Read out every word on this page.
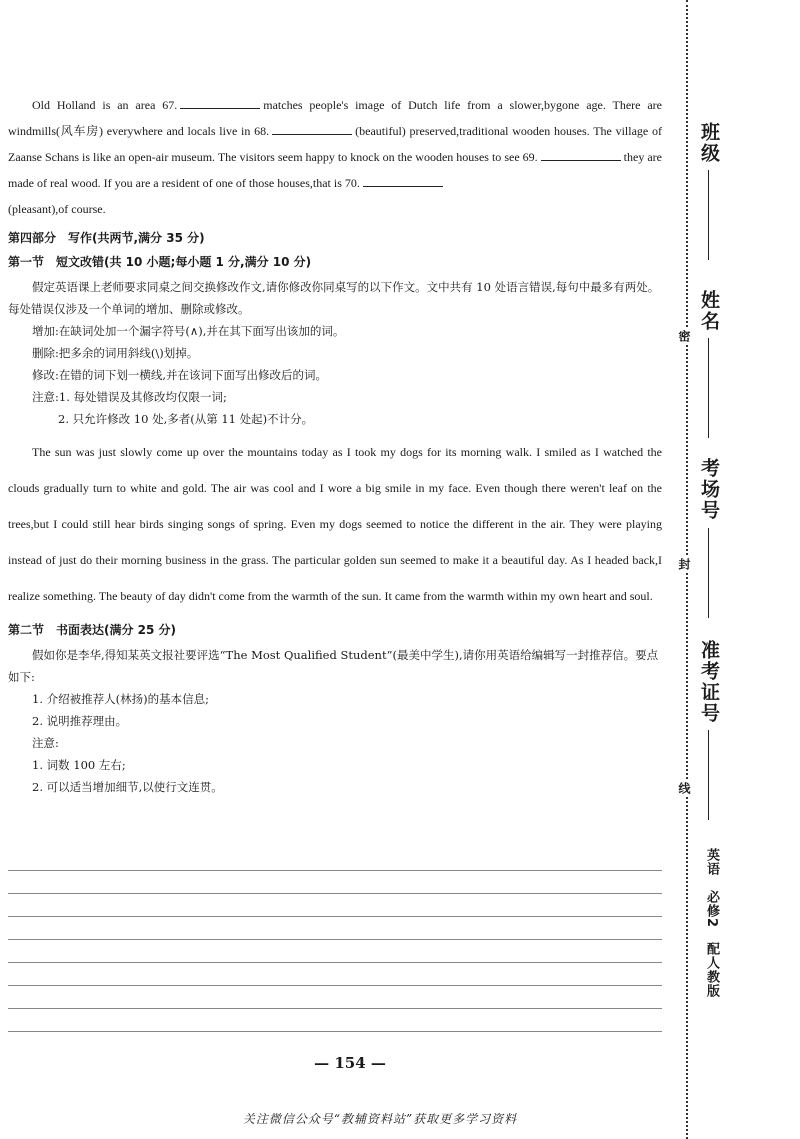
Old Holland is an area 67.	matches people's image of Dutch life from a slower,bygone age. There are windmills(风车房) everywhere and locals live in 68.	(beautiful) preserved,traditional wooden houses. The village of Zaanse Schans is like an open-air museum. The visitors seem happy to knock on the wooden houses to see 69.	they are made of real wood. If you are a resident of one of those houses,that is 70.
(pleasant),of course.

第四部分　写作(共两节,满分 35 分)
第一节　短文改错(共 10 小题;每小题 1 分,满分 10 分)

假定英语课上老师要求同桌之间交换修改作文,请你修改你同桌写的以下作文。文中共有 10 处语言错误,每句中最多有两处。每处错误仅涉及一个单词的增加、删除或修改。

增加:在缺词处加一个漏字符号(∧),并在其下面写出该加的词。

删除:把多余的词用斜线(\)划掉。

修改:在错的词下划一横线,并在该词下面写出修改后的词。

注意:1. 每处错误及其修改均仅限一词;

2. 只允许修改 10 处,多者(从第 11 处起)不计分。

The sun was just slowly come up over the mountains today as I took my dogs for its morning walk. I smiled as I watched the clouds gradually turn to white and gold. The air was cool and I wore a big smile in my face. Even though there weren't leaf on the trees,but I could still hear birds singing songs of spring. Even my dogs seemed to notice the different in the air. They were playing instead of just do their morning business in the grass. The particular golden sun seemed to make it a beautiful day. As I headed back,I realize something. The beauty of day didn't come from the warmth of the sun. It came from the warmth within my own heart and soul.

第二节　书面表达(满分 25 分)

假如你是李华,得知某英文报社要评选“The Most Qualified Student”(最美中学生),请你用英语给编辑写一封推荐信。要点如下:

1. 介绍被推荐人(林扬)的基本信息;

2. 说明推荐理由。

注意:

1. 词数 100 左右;

2. 可以适当增加细节,以使行文连贯。

— 154 —
关注微信公众号“教辅资料站”获取更多学习资料
班级
姓名
考场号
准考证号
密
封
线
英语　必修2　配人教版
